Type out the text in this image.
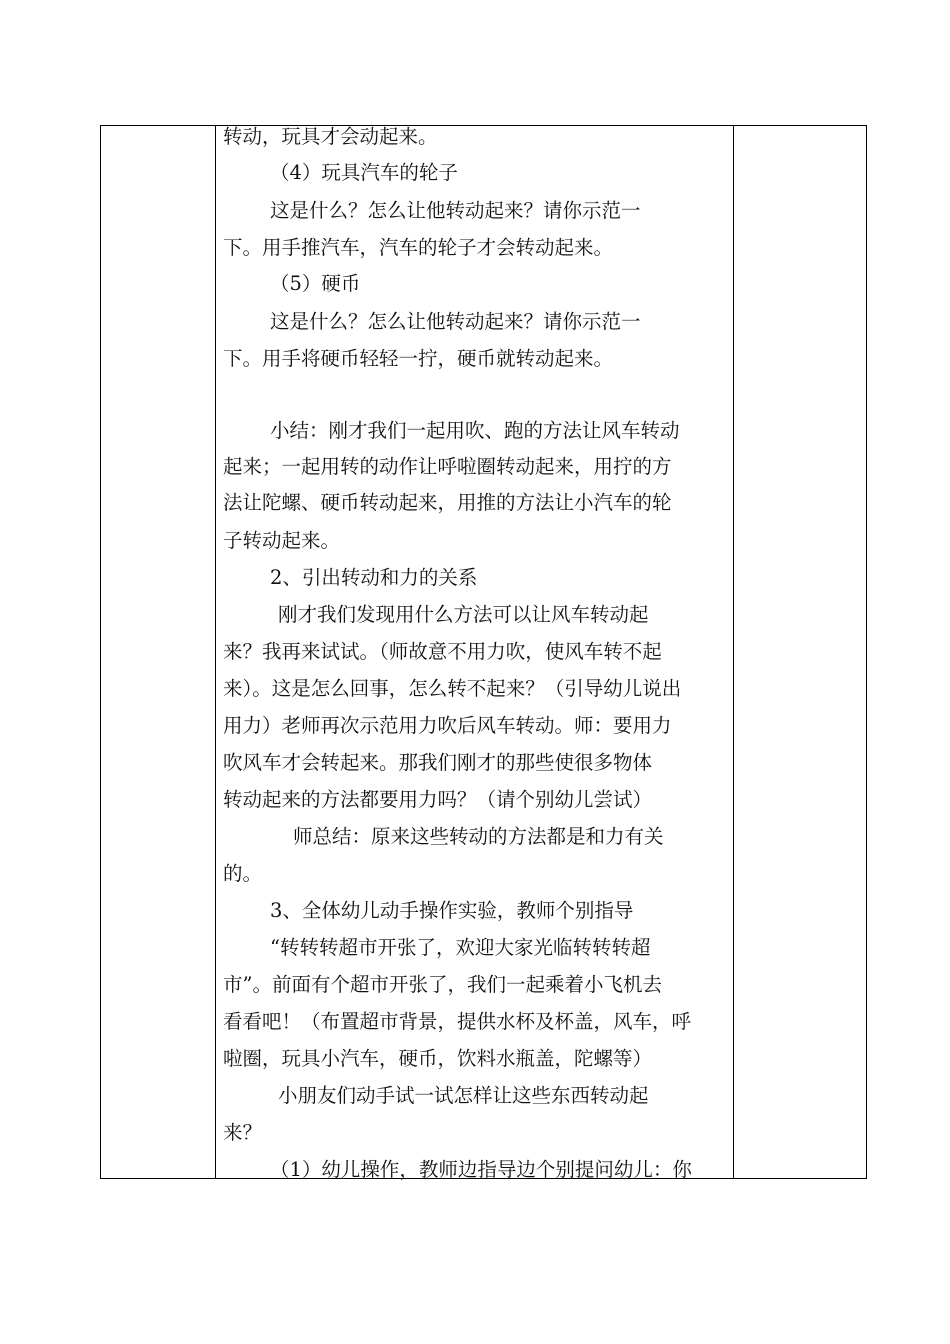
转动，玩具才会动起来。
（4）玩具汽车的轮子
这是什么？怎么让他转动起来？请你示范一
下。用手推汽车，汽车的轮子才会转动起来。
（5）硬币
这是什么？怎么让他转动起来？请你示范一
下。用手将硬币轻轻一拧，硬币就转动起来。
小结：刚才我们一起用吹、跑的方法让风车转动
起来；一起用转的动作让呼啦圈转动起来，用拧的方
法让陀螺、硬币转动起来，用推的方法让小汽车的轮
子转动起来。
2、引出转动和力的关系
刚才我们发现用什么方法可以让风车转动起
来？我再来试试。（师故意不用力吹，使风车转不起
来）。这是怎么回事，怎么转不起来？（引导幼儿说出
用力）老师再次示范用力吹后风车转动。师：要用力
吹风车才会转起来。那我们刚才的那些使很多物体
转动起来的方法都要用力吗？（请个别幼儿尝试）
师总结：原来这些转动的方法都是和力有关
的。
3、全体幼儿动手操作实验，教师个别指导
“转转转超市开张了，欢迎大家光临转转转超
市”。前面有个超市开张了，我们一起乘着小飞机去
看看吧！（布置超市背景，提供水杯及杯盖，风车，呼
啦圈，玩具小汽车，硬币，饮料水瓶盖，陀螺等）
小朋友们动手试一试怎样让这些东西转动起
来？
（1）幼儿操作，教师边指导边个别提问幼儿：你
